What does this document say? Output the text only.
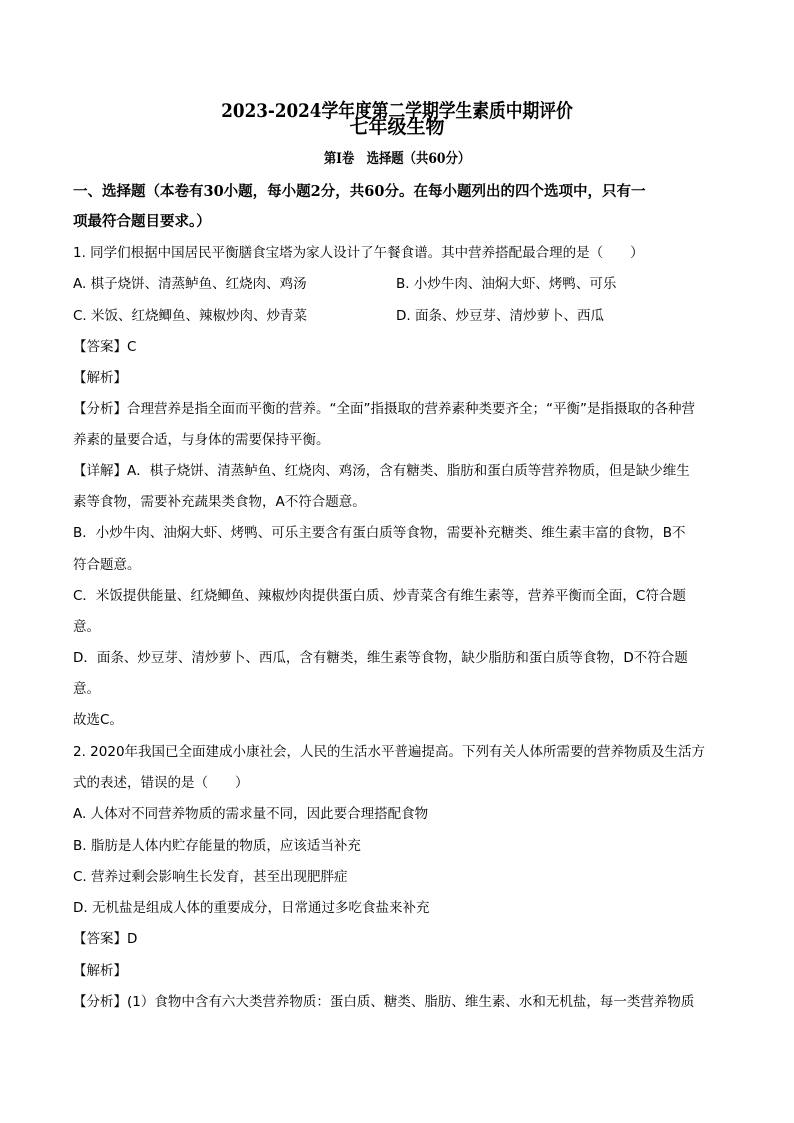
2023-2024学年度第二学期学生素质中期评价
七年级生物
第Ⅰ卷　选择题（共60分）
一、选择题（本卷有30小题，每小题2分，共60分。在每小题列出的四个选项中，只有一
项最符合题目要求。）
1. 同学们根据中国居民平衡膳食宝塔为家人设计了午餐食谱。其中营养搭配最合理的是（　　）
A. 棋子烧饼、清蒸鲈鱼、红烧肉、鸡汤	B. 小炒牛肉、油焖大虾、烤鸭、可乐
C. 米饭、红烧鲫鱼、辣椒炒肉、炒青菜	D. 面条、炒豆芽、清炒萝卜、西瓜
【答案】C
【解析】
【分析】合理营养是指全面而平衡的营养。“全面”指摄取的营养素种类要齐全；“平衡”是指摄取的各种营
养素的量要合适，与身体的需要保持平衡。
【详解】A．棋子烧饼、清蒸鲈鱼、红烧肉、鸡汤，含有糖类、脂肪和蛋白质等营养物质，但是缺少维生
素等食物，需要补充蔬果类食物，A不符合题意。
B．小炒牛肉、油焖大虾、烤鸭、可乐主要含有蛋白质等食物，需要补充糖类、维生素丰富的食物，B不
符合题意。
C．米饭提供能量、红烧鲫鱼、辣椒炒肉提供蛋白质、炒青菜含有维生素等，营养平衡而全面，C符合题
意。
D．面条、炒豆芽、清炒萝卜、西瓜，含有糖类，维生素等食物，缺少脂肪和蛋白质等食物，D不符合题
意。
故选C。
2. 2020年我国已全面建成小康社会，人民的生活水平普遍提高。下列有关人体所需要的营养物质及生活方
式的表述，错误的是（　　）
A. 人体对不同营养物质的需求量不同，因此要合理搭配食物
B. 脂肪是人体内贮存能量的物质，应该适当补充
C. 营养过剩会影响生长发育，甚至出现肥胖症
D. 无机盐是组成人体的重要成分，日常通过多吃食盐来补充
【答案】D
【解析】
【分析】(1）食物中含有六大类营养物质：蛋白质、糖类、脂肪、维生素、水和无机盐，每一类营养物质
